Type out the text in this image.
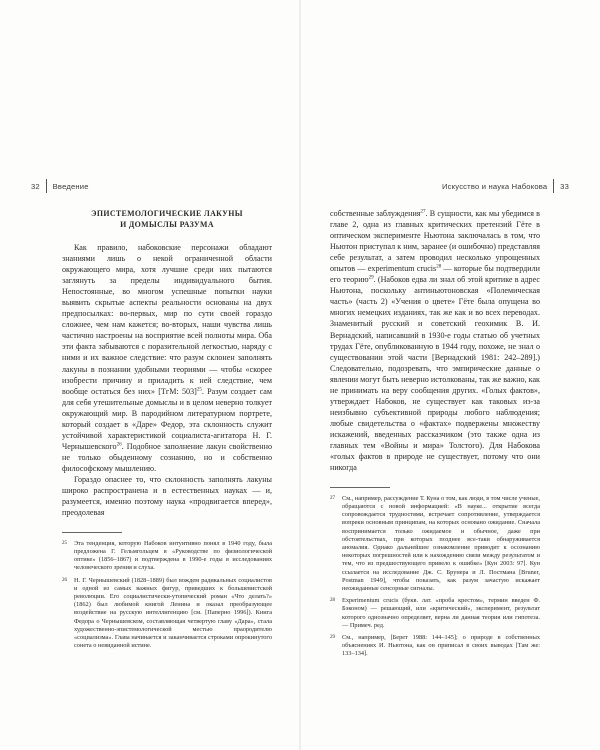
32 Введение
ЭПИСТЕМОЛОГИЧЕСКИЕ ЛАКУНЫ
И ДОМЫСЛЫ РАЗУМА

Как правило, набоковские персонажи обладают знаниями лишь о некой ограниченной области окружающего мира, хотя лучшие среди них пытаются заглянуть за пределы индивидуального бытия. Непостоянные, во многом успешные попытки науки выявить скрытые аспекты реальности основаны на двух предпосылках: во-первых, мир по сути своей гораздо сложнее, чем нам кажется; во-вторых, наши чувства лишь частично настроены на восприятие всей полноты мира. Оба эти факта забываются с поразительной легкостью, наряду с ними и их важное следствие: что разум склонен заполнять лакуны в познании удобными теориями — чтобы «скорее изобрести причину и приладить к ней следствие, чем вообще остаться без них» [ТгМ: 503]$^{25}$. Разум создает сам для себя утешительные домыслы и в целом неверно толкует окружающий мир. В пародийном литературном портрете, который создает в «Даре» Федор, эта склонность служит устойчивой характеристикой социалиста-агитатора Н. Г. Чернышевского$^{26}$. Подобное заполнение лакун свойственно не только обыденному сознанию, но и собственно философскому мышлению.

Гораздо опаснее то, что склонность заполнять лакуны широко распространена и в естественных науках — и, разумеется, именно поэтому наука «продвигается вперед», преодолевая

25 Эта тенденция, которую Набоков интуитивно понял в 1940 году, была предложена Г. Гельмгольцем в «Руководстве по физиологической оптике» (1856–1867) и подтверждена в 1990-е годы в исследованиях человеческого зрения и слуха.
26 Н. Г. Чернышевский (1828–1889) был вождем радикальных социалистов и одной из самых важных фигур, приведших к большевистской революции. Его социалистически-утопический роман «Что делать?» (1862) был любимой книгой Ленина и оказал преобразующее воздействие на русскую интеллигенцию [см. [Паперно 1996]). Книга Федора о Чернышевском, составляющая четвертую главу «Дара», стала художественно-эпистемологической местью праородителю «социализма». Глава начинается и заканчивается строками опрокинутого сонета о невиданной истине.
Искусство и наука Набокова 33

собственные заблуждения$^{27}$. В сущности, как мы убедимся в главе 2, одна из главных критических претензий Гёте в оптическом эксперименте Ньютона заключалась в том, что Ньютон приступал к ним, заранее (и ошибочно) представляя себе результат, а затем проводил несколько упрощенных опытов — experimentum crucis$^{28}$ — которые бы подтвердили его теорию$^{29}$. (Набоков едва ли знал об этой критике в адрес Ньютона, поскольку антиньютоновская «Полемическая часть» (часть 2) «Учения о цвете» Гёте была опущена во многих немецких изданиях, так же как и во всех переводах. Знаменитый русский и советский геохимик В. И. Вернадский, написавший в 1930-е годы статью об учетных трудах Гёте, опубликованную в 1944 году, похоже, не знал о существовании этой части [Вернадский 1981: 242–289].) Следовательно, подозревать, что эмпирические данные о явлении могут быть неверно истолкованы, так же важно, как не принимать на веру сообщения других. «Голых фактов», утверждает Набоков, не существует как таковых из-за неизбывно субъективной природы любого наблюдения; любые свидетельства о «фактах» подвержены множеству искажений, введенных рассказчиком (это также одна из главных тем «Войны и мира» Толстого). Для Набокова «голых фактов в природе не существует, потому что они никогда

27 См., например, рассуждение Т. Куна о том, как люди, в том числе ученые, обращаются с новой информацией: «В науке... открытие всегда сопровождается трудностями, встречает сопротивление, утверждается вопреки основным принципам, на которых основано ожидание. Сначала воспринимается только ожидаемое и обычное, даже при обстоятельствах, при которых позднее все-таки обнаруживается аномалия. Однако дальнейшее ознакомление приводит к осознанию некоторых погрешностей или к нахождению связи между результатом и тем, что из предшествующего привело к ошибке» [Кун 2003: 97]. Кун ссылается на исследование Дж. С. Брунера и Л. Постмана [Bruner, Postman 1949], чтобы показать, как разум зачастую искажает неожиданные сенсорные сигналы.
28 Experimentum crucis (букв. лат. «проба крестом», термин введен Ф. Бэконом) — решающий, или «критический», эксперимент, результат которого однозначно определяет, верна ли данная теория или гипотеза. — Примеч. ред.
29 См., например, [Берет 1988: 144–145]; о природе в собственных объяснениях И. Ньютона, как он приписал в своих выводах [Там же: 133–134].
